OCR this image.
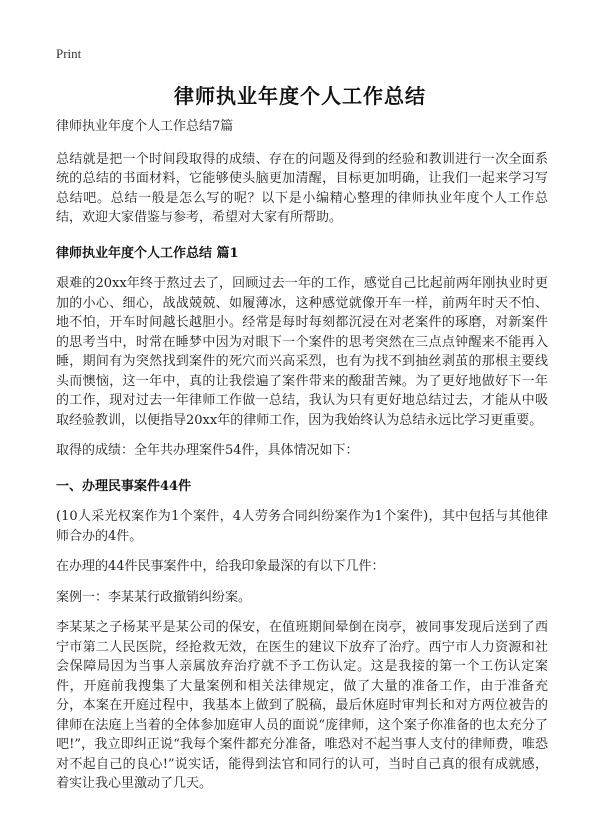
Print
律师执业年度个人工作总结

律师执业年度个人工作总结7篇

总结就是把一个时间段取得的成绩、存在的问题及得到的经验和教训进行一次全面系统的总结的书面材料，它能够使头脑更加清醒，目标更加明确，让我们一起来学习写总结吧。总结一般是怎么写的呢？以下是小编精心整理的律师执业年度个人工作总结，欢迎大家借鉴与参考，希望对大家有所帮助。

律师执业年度个人工作总结 篇1

艰难的20xx年终于熬过去了，回顾过去一年的工作，感觉自己比起前两年刚执业时更加的小心、细心，战战兢兢、如履薄冰，这种感觉就像开车一样，前两年时天不怕、地不怕，开车时间越长越胆小。经常是每时每刻都沉浸在对老案件的琢磨，对新案件的思考当中，时常在睡梦中因为对眼下一个案件的思考突然在三点点钟醒来不能再入睡，期间有为突然找到案件的死穴而兴高采烈，也有为找不到抽丝剥茧的那根主要线头而懊恼，这一年中，真的让我偿遍了案件带来的酸甜苦辣。为了更好地做好下一年的工作，现对过去一年律师工作做一总结，我认为只有更好地总结过去，才能从中吸取经验教训，以便指导20xx年的律师工作，因为我始终认为总结永远比学习更重要。

取得的成绩：全年共办理案件54件，具体情况如下：

一、办理民事案件44件

(10人采光权案作为1个案件，4人劳务合同纠纷案作为1个案件)，其中包括与其他律师合办的4件。

在办理的44件民事案件中，给我印象最深的有以下几件：

案例一：李某某行政撤销纠纷案。

李某某之子杨某平是某公司的保安，在值班期间晕倒在岗亭，被同事发现后送到了西宁市第二人民医院，经抢救无效，在医生的建议下放弃了治疗。西宁市人力资源和社会保障局因为当事人亲属放弃治疗就不予工伤认定。这是我接的第一个工伤认定案件，开庭前我搜集了大量案例和相关法律规定，做了大量的准备工作，由于准备充分，本案在开庭过程中，我基本上做到了脱稿，最后休庭时审判长和对方两位被告的律师在法庭上当着的全体参加庭审人员的面说“庞律师，这个案子你准备的也太充分了吧!”，我立即纠正说“我每个案件都充分准备，唯恐对不起当事人支付的律师费，唯恐对不起自己的良心!”说实话，能得到法官和同行的认可，当时自己真的很有成就感，着实让我心里激动了几天。
